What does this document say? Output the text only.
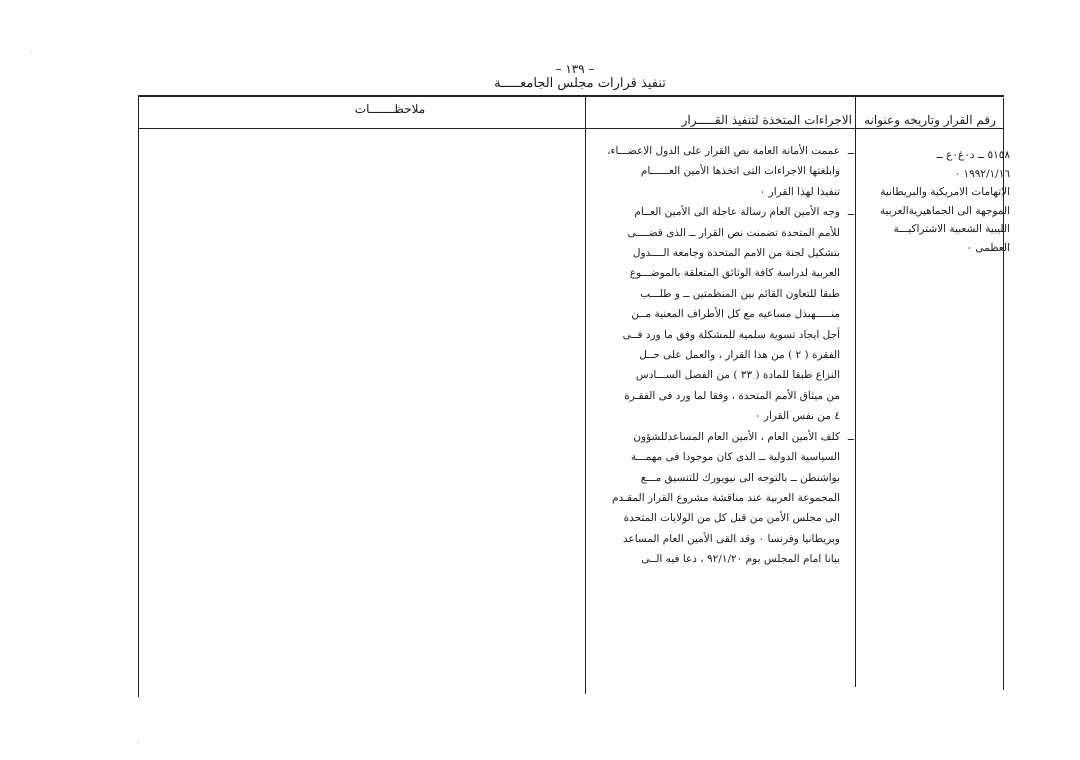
– ١٣٩ –
تنفيذ قرارات مجلس الجامعـــــة
رقم القرار وتاريخه وعنوانه
الاجراءات المتخذة لتنفيذ القـــــرار
ملاحظـــــــات
٥١٥٨ ــ د٠غ٠ع ــ
١٩٩٢/١/١٦ ٠
الاتهامات الامريكية والبريطانية
الموجهة الى الجماهيريةالعربية
الليبية الشعبية الاشتراكيـــة
العظمى ٠
ــ
عممت الأمانة العامة نص القرار على الدول الاعضـــاء،
وابلغتها الاجراءات التى اتخذها الأمين العــــــام
تنفيذا لهذا القرار ٠
ــ
وجه الأمين العام رسالة عاجلة الى الأمين العــام
للأمم المتحدة تضمنت نص القرار ــ الذى قضــــى
بتشكيل لجنة من الامم المتحدة وجامعة الــــدول
العربية لدراسة كافة الوثائق المتعلقة بالموضـــوع
طبقا للتعاون القائم بين المنظمتين ــ و طلـــب
منـــــهبذل مساعيه مع كل الأطراف المعنية مــن
أجل ايجاد تسوية سلمية للمشكلة وفق ما ورد فــى
الفقرة ( ٢ ) من هذا القرار ، والعمل على حــل
النزاع طبقا للمادة ( ٣٣ ) من الفصل الســـادس
من ميثاق الأمم المتحدة ، وفقا لما ورد فى الفقـرة
٤ من نفس القرار ٠
ــ
كلف الأمين العام ، الأمين العام المساعدللشؤون
السياسية الدولية ــ الذى كان موجودا فى مهمـــة
بواشنطن ــ بالتوجه الى نيويورك للتنسيق مـــع
المجموعة العربية عند مناقشة مشروع القرار المقـدم
الى مجلس الأمن من قبل كل من الولايات المتحدة
وبريطانيا وفرنسا ٠ وقد القى الأمين العام المساعد
بيانا امام المجلس يوم ٩٢/١/٢٠ ، دعا فيه الــى
